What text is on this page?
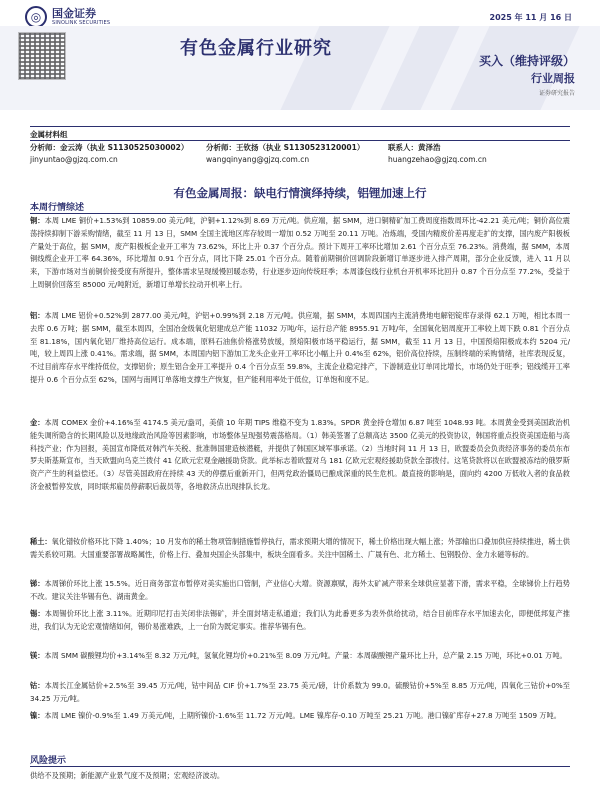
◎ 国金证券
SINOLINK SECURITIES
2025 年 11 月 16 日
有色金属行业研究
买入（维持评级）
行业周报
证券研究报告
金属材料组
分析师：金云涛（执业 S1130525030002） 分析师：王钦扬（执业 S1130523120001）	联系人：黄泽浩
jinyuntao@gjzq.com.cn	wangqinyang@gjzq.com.cn	huangzehao@gjzq.com.cn
有色金属周报：缺电行情演绎持续，铝锂加速上行
本周行情综述
铜：本周 LME 铜价+1.53%到 10859.00 美元/吨，沪铜+1.12%到 8.69 万元/吨。供应端，据 SMM，进口铜精矿加工费周度指数周环比-42.21 美元/吨；铜价高位震荡持续抑制下游采购情绪，截至 11 月 13 日，SMM 全国主流地区库存较周一增加 0.52 万吨至 20.11 万吨。冶炼端，受国内精废价差再度走扩的支撑，国内废产阳极板产量处于高位，据 SMM，废产阳极板企业开工率为 73.62%，环比上升 0.37 个百分点。预计下周开工率环比增加 2.61 个百分点至 76.23%。消费端，据 SMM，本周铜线缆企业开工率 64.36%，环比增加 0.91 个百分点，同比下降 25.01 个百分点。随着前期铜价回调阶段新增订单逐步进入排产周期，部分企业反馈，进入 11 月以来，下游市场对当前铜价接受度有所提升，整体需求呈现缓慢回暖态势，行业逐步迈向传统旺季；本周漆包线行业机台开机率环比回升 0.87 个百分点至 77.2%，受益于上周铜价回落至 85000 元/吨附近，新增订单增长拉动开机率上行。
铝：本周 LME 铝价+0.52%到 2877.00 美元/吨，沪铝+0.99%到 2.18 万元/吨。供应端，据 SMM，本周四国内主流消费地电解铝锭库存录得 62.1 万吨，相比本周一去库 0.6 万吨；据 SMM，截至本周四，全国冶金级氧化铝建成总产能 11032 万吨/年，运行总产能 8955.91 万吨/年，全国氧化铝周度开工率较上周下跌 0.81 个百分点至 81.18%，国内氧化铝厂维持高位运行。成本端，原料石油焦价格涨势放缓，预焙阳极市场平稳运行，据 SMM，截至 11 月 13 日，中国预焙阳极成本约 5204 元/吨，较上周四上涨 0.41%。需求端，据 SMM，本周国内铝下游加工龙头企业开工率环比小幅上升 0.4%至 62%，铝价高位持续，压制终端的采购情绪，社库表现反复，不过目前库存水平维持低位，支撑铝价；原生铝合金开工率提升 0.4 个百分点至 59.8%，主流企业稳定排产，下游制造业订单同比增长，市场仍处于旺季；铝线缆开工率提升 0.6 个百分点至 62%，国网与南网订单落地支撑生产恢复，但产能利用率处于低位，订单饱和度不足。
金：本周 COMEX 金价+4.16%至 4174.5 美元/盎司，美债 10 年期 TIPS 维稳不变为 1.83%。SPDR 黄金持仓增加 6.87 吨至 1048.93 吨。本周黄金受到美国政治机能失调所隐含的长期风险以及地缘政治风险等因素影响，市场整体呈现强势震荡格局。（1）韩美签署了总额高达 3500 亿美元的投资协议，韩国将重点投资美国造船与高科技产业；作为回报，美国宣布降低对韩汽车关税、批准韩国建造核潜艇，并提供了韩国区域军事承诺。（2）当地时间 11 月 13 日，欧盟委员会负责经济事务的委员东布罗夫斯基斯宣布，当天欧盟向乌克兰拨付 41 亿欧元宏观金融援助贷款。此举标志着欧盟对乌 181 亿欧元宏观经援助贷款全部拨付。这笔贷款将以在欧盟被冻结的俄罗斯资产产生的利益偿还。（3）尽管美国政府在持续 43 天的停摆后重新开门，但两党政治僵局已酿成深重的民生危机。最直接的影响是，面向约 4200 万低收入者的食品救济金被暂停发放，同时联邦雇员停薪职后裁员等，各地救济点出现排队长龙。
稀土：氧化镨钕价格环比下降 1.40%；10 月发布的稀土物项管制措施暂停执行，需求预期大增的情况下，稀土价格出现大幅上涨；外部输出口叠加供应持续推进，稀土供需关系较可期。大国重要部署战略属性，价格上行、叠加央国企头部集中，板块全面看多。关注中国稀土、广晟有色、北方稀土、包钢股份、金力永磁等标的。
锑：本周锑价环比上涨 15.5%。近日商务部宣布暂停对美实施出口管制，产业信心大增。资源禀赋，海外太矿减产带来全球供应显著下滑，需求平稳，全球锑价上行趋势不改。建议关注华锡有色、湖南黄金。
锡：本周锡价环比上涨 3.11%。近期印尼打击关闭非法锡矿，并全面封堵走私通道；我们认为此番更多为表外供给扰动，结合目前库存水平加速去化，即便低邦复产推进，我们认为无论宏观情绪如何，锡价易涨难跌，上一台阶为既定事实。推荐华锡有色。
镁：本周 SMM 碳酸锂均价+3.14%至 8.32 万元/吨，氢氧化锂均价+0.21%至 8.09 万元/吨。产量：本周碳酸锂产量环比上升，总产量 2.15 万吨，环比+0.01 万吨。
钴：本周长江金属钴价+2.5%至 39.45 万元/吨，钴中间品 CIF 价+1.7%至 23.75 美元/磅，计价系数为 99.0。硫酸钴价+5%至 8.85 万元/吨，四氧化三钴价+0%至 34.25 万元/吨。
镍：本周 LME 镍价-0.9%至 1.49 万美元/吨，上期所镍价-1.6%至 11.72 万元/吨。LME 镍库存-0.10 万吨至 25.21 万吨。港口镍矿库存+27.8 万吨至 1509 万吨。
风险提示
供给不及预期；新能源产业景气度不及预期；宏观经济波动。
